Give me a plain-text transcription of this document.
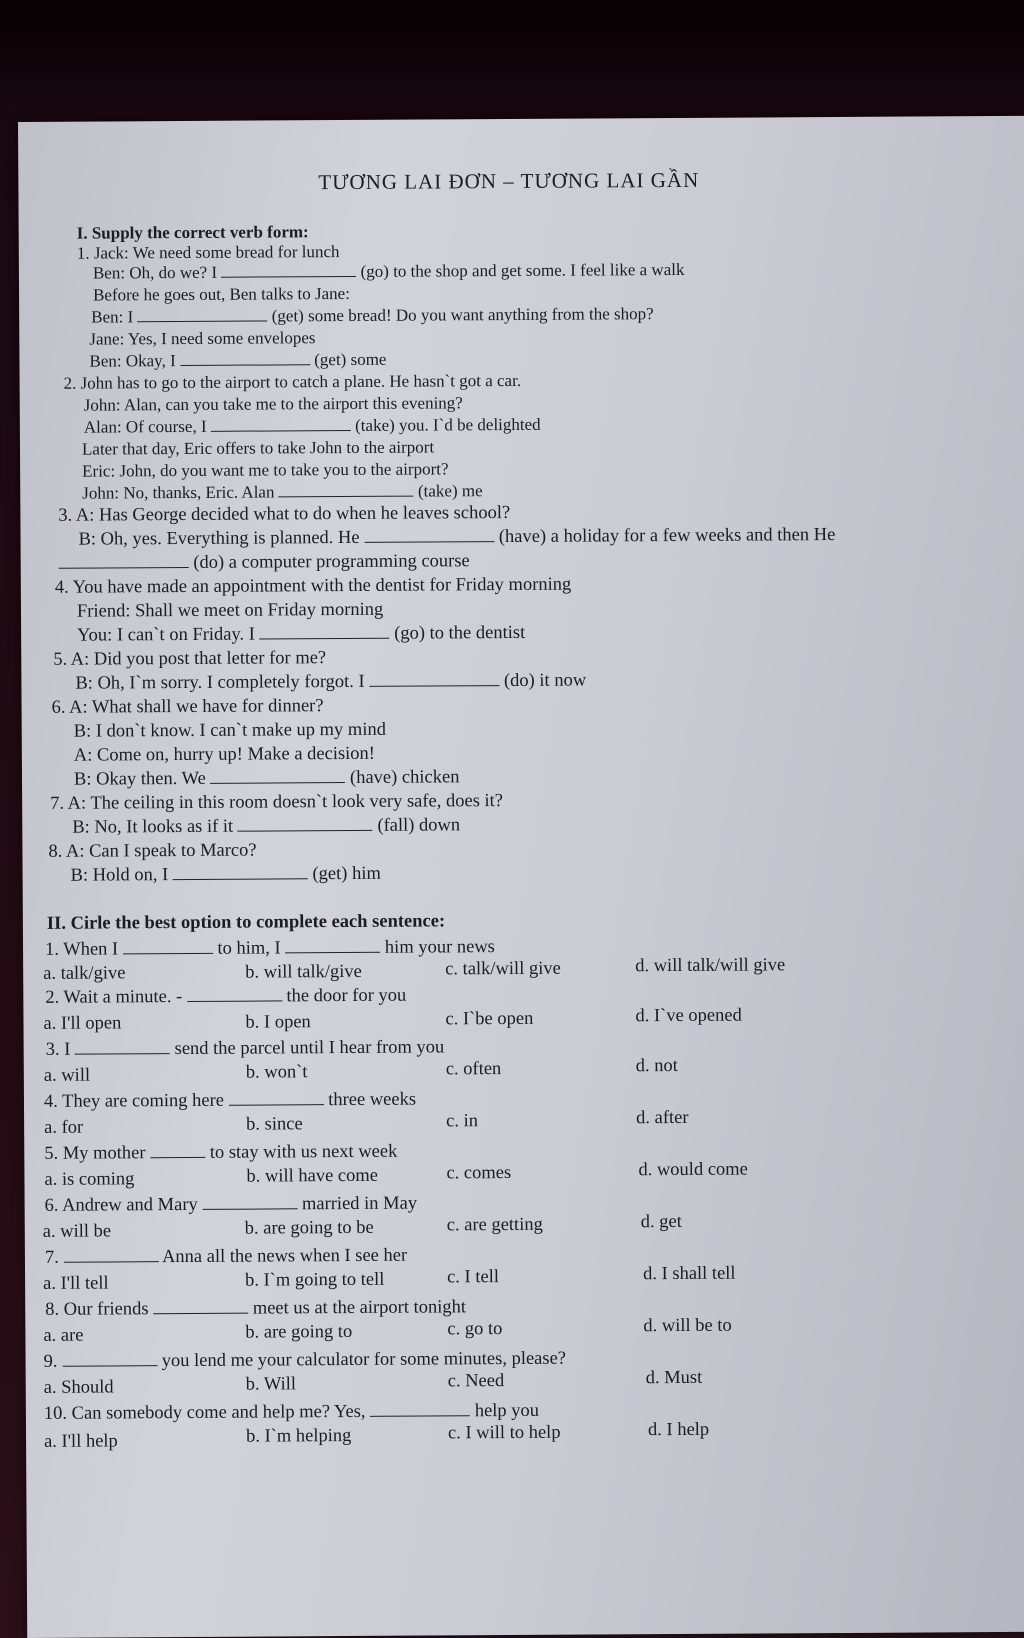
TƯƠNG LAI ĐƠN – TƯƠNG LAI GẦN
I. Supply the correct verb form:
1. Jack: We need some bread for lunch
Ben: Oh, do we? I	(go) to the shop and get some. I feel like a walk
Before he goes out, Ben talks to Jane:
Ben: I	(get) some bread! Do you want anything from the shop?
Jane: Yes, I need some envelopes
Ben: Okay, I	(get) some
2. John has to go to the airport to catch a plane. He hasn`t got a car.
John: Alan, can you take me to the airport this evening?
Alan: Of course, I	(take) you. I`d be delighted
Later that day, Eric offers to take John to the airport
Eric: John, do you want me to take you to the airport?
John: No, thanks, Eric. Alan	(take) me
3. A: Has George decided what to do when he leaves school?
B: Oh, yes. Everything is planned. He	(have) a holiday for a few weeks and then He
(do) a computer programming course
4. You have made an appointment with the dentist for Friday morning
Friend: Shall we meet on Friday morning
You: I can`t on Friday. I	(go) to the dentist
5. A: Did you post that letter for me?
B: Oh, I`m sorry. I completely forgot. I	(do) it now
6. A: What shall we have for dinner?
B: I don`t know. I can`t make up my mind
A: Come on, hurry up! Make a decision!
B: Okay then. We	(have) chicken
7. A: The ceiling in this room doesn`t look very safe, does it?
B: No, It looks as if it	(fall) down
8. A: Can I speak to Marco?
B: Hold on, I	(get) him
II. Cirle the best option to complete each sentence:
1. When I	to him, I	him your news
a. talk/give	b. will talk/give	c. talk/will give	d. will talk/will give
2. Wait a minute. -	the door for you
a. I'll open	b. I open	c. I`be open	d. I`ve opened
3. I	send the parcel until I hear from you
a. will	b. won`t	c. often	d. not
4. They are coming here	three weeks
a. for	b. since	c. in	d. after
5. My mother	to stay with us next week
a. is coming	b. will have come	c. comes	d. would come
6. Andrew and Mary	married in May
a. will be	b. are going to be	c. are getting	d. get
7.	Anna all the news when I see her
a. I'll tell	b. I`m going to tell	c. I tell	d. I shall tell
8. Our friends	meet us at the airport tonight
a. are	b. are going to	c. go to	d. will be to
9.	you lend me your calculator for some minutes, please?
a. Should	b. Will	c. Need	d. Must
10. Can somebody come and help me? Yes,	help you
a. I'll help	b. I`m helping	c. I will to help	d. I help
